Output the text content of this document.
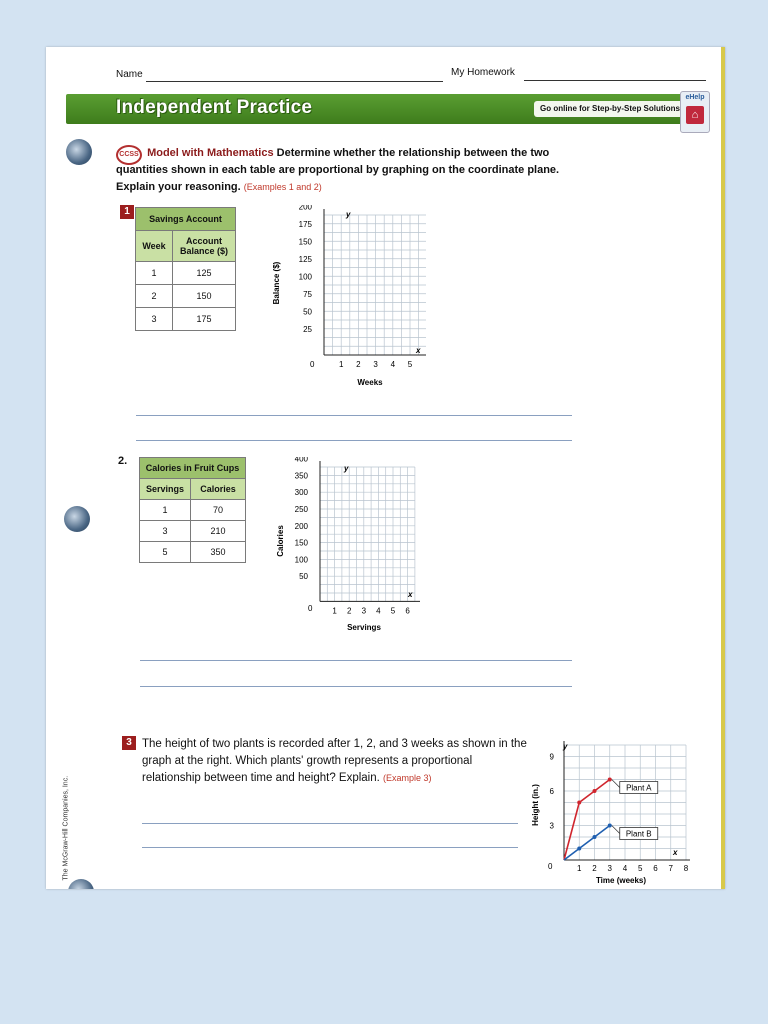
Name	My Homework
Independent Practice	Go online for Step-by-Step Solutions
eHelp
⌂
CCSS Model with Mathematics Determine whether the relationship between the two quantities shown in each table are proportional by graphing on the coordinate plane. Explain your reasoning. (Examples 1 and 2)
1
Savings Account	
Week	Account Balance ($)
1	125
2	150
3	175
200
175
150
125
100
75
50
25
1 2 3 4 5
0
y
x
Weeks
Balance ($)
2.
Calories in Fruit Cups	
Servings	Calories
1	70
3	210
5	350
400
350
300
250
200
150
100
50
1 2 3 4 5 6
0
y
x
Servings
Calories
3 The height of two plants is recorded after 1, 2, and 3 weeks as shown in the graph at the right. Which plants' growth represents a proportional relationship between time and height? Explain. (Example 3)
1 2 3 4 5 6 7 8
3
6
9
Plant A
Plant B
0
y
x
Time (weeks)
Height (in.)
The McGraw-Hill Companies, Inc.
